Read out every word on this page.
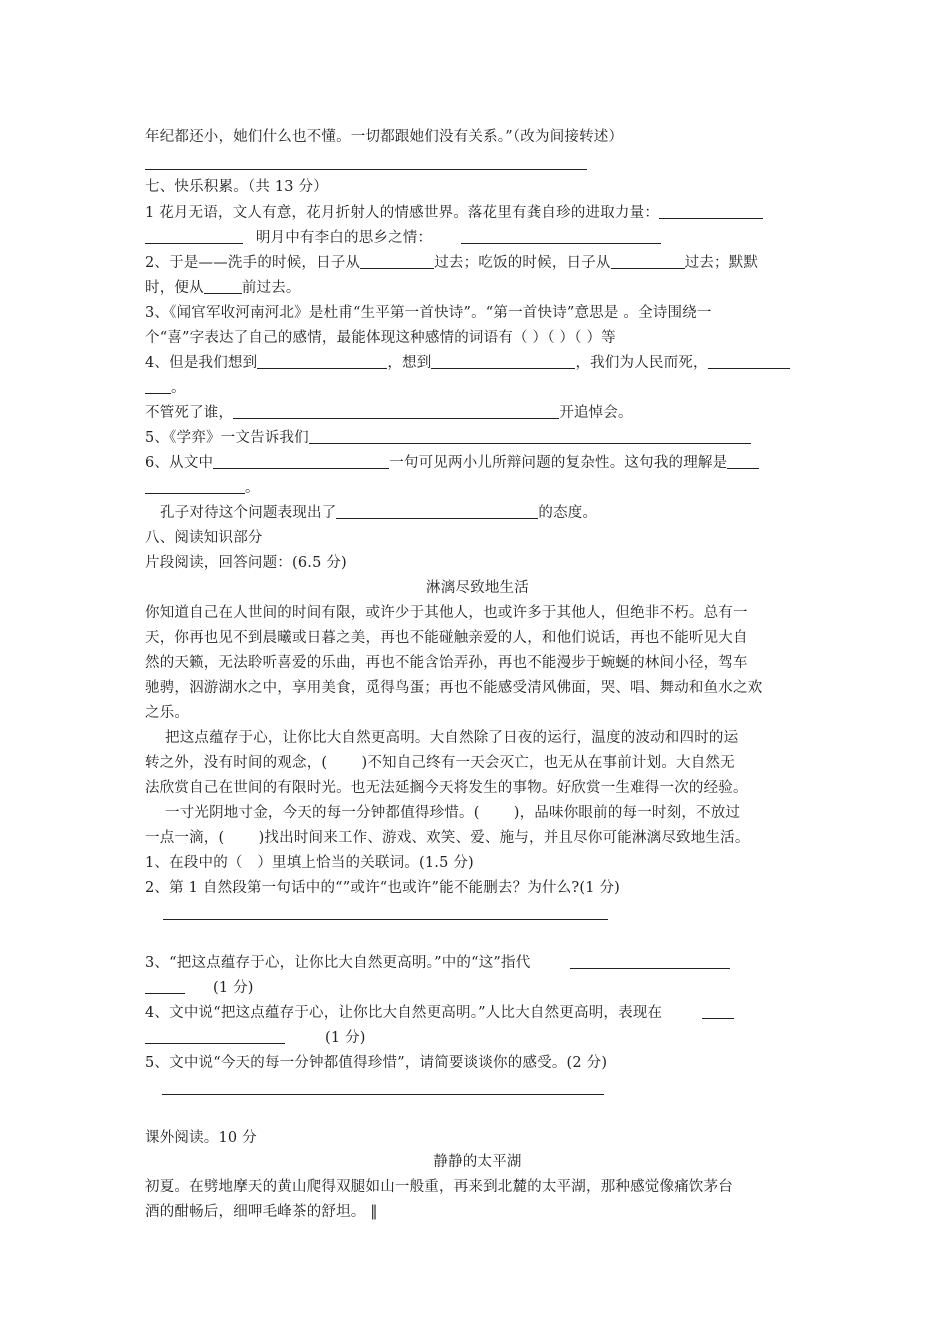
年纪都还小，她们什么也不懂。一切都跟她们没有关系。”（改为间接转述）
七、快乐积累。（共 13 分）
1 花月无语，文人有意，花月折射人的情感世界。落花里有龚自珍的进取力量：
明月中有李白的思乡之情：
2、于是——洗手的时候，日子从	过去；吃饭的时候，日子从	过去；默默
时，便从	前过去。
3、《闻官军收河南河北》是杜甫“生平第一首快诗”。“第一首快诗”意思是 。全诗围绕一
个“喜”字表达了自己的感情，最能体现这种感情的词语有（ ）（ ）（ ）等
4、但是我们想到	，想到	，我们为人民而死，
。
不管死了谁，	开追悼会。
5、《学弈》一文告诉我们
6、从文中	一句可见两小儿所辩问题的复杂性。这句我的理解是
。
孔子对待这个问题表现出了	的态度。
八、阅读知识部分
片段阅读，回答问题：(6.5 分)
淋漓尽致地生活
你知道自己在人世间的时间有限，或许少于其他人，也或许多于其他人，但绝非不朽。总有一
天，你再也见不到晨曦或日暮之美，再也不能碰触亲爱的人，和他们说话，再也不能听见大自
然的天籁，无法聆听喜爱的乐曲，再也不能含饴弄孙，再也不能漫步于蜿蜒的林间小径，驾车
驰骋，泅游湖水之中，享用美食，觅得鸟蛋；再也不能感受清风佛面，哭、唱、舞动和鱼水之欢
之乐。
把这点蕴存于心，让你比大自然更高明。大自然除了日夜的运行，温度的波动和四时的运
转之外，没有时间的观念，(　　 )不知自己终有一天会灭亡，也无从在事前计划。大自然无
法欣赏自己在世间的有限时光。也无法延搁今天将发生的事物。好欣赏一生难得一次的经验。
一寸光阴地寸金，今天的每一分钟都值得珍惜。(　　 )，品味你眼前的每一时刻，不放过
一点一滴，(　　 )找出时间来工作、游戏、欢笑、爱、施与，并且尽你可能淋漓尽致地生活。
1、在段中的（　）里填上恰当的关联词。(1.5 分)
2、第 1 自然段第一句话中的“”或许“也或许”能不能删去？为什么?(1 分)
3、“把这点蕴存于心，让你比大自然更高明。”中的“这”指代
(1 分)
4、文中说“把这点蕴存于心，让你比大自然更高明。”人比大自然更高明，表现在
(1 分)
5、文中说“今天的每一分钟都值得珍惜”，请简要谈谈你的感受。(2 分)
课外阅读。10 分
静静的太平湖
初夏。在劈地摩天的黄山爬得双腿如山一般重，再来到北麓的太平湖，那种感觉像痛饮茅台
酒的酣畅后，细呷毛峰茶的舒坦。 ‖
